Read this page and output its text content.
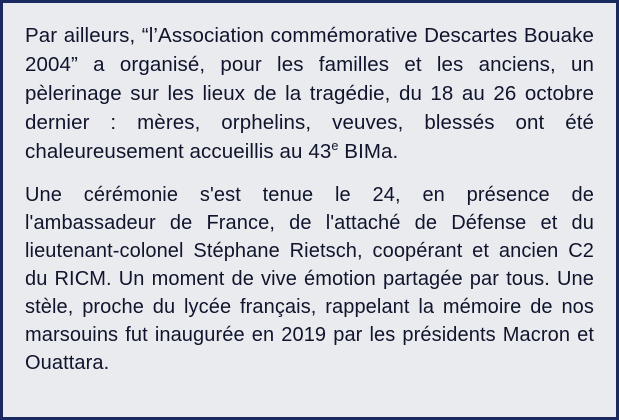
Par ailleurs, “l’Association commémorative Descartes Bouake 2004” a organisé, pour les familles et les anciens, un pèlerinage sur les lieux de la tragédie, du 18 au 26 octobre dernier : mères, orphelins, veuves, blessés ont été chaleureusement accueillis au 43e BIMa.

Une cérémonie s'est tenue le 24, en présence de l'ambassadeur de France, de l'attaché de Défense et du lieutenant-colonel Stéphane Rietsch, coopérant et ancien C2 du RICM. Un moment de vive émotion partagée par tous. Une stèle, proche du lycée français, rappelant la mémoire de nos marsouins fut inaugurée en 2019 par les présidents Macron et Ouattara.
